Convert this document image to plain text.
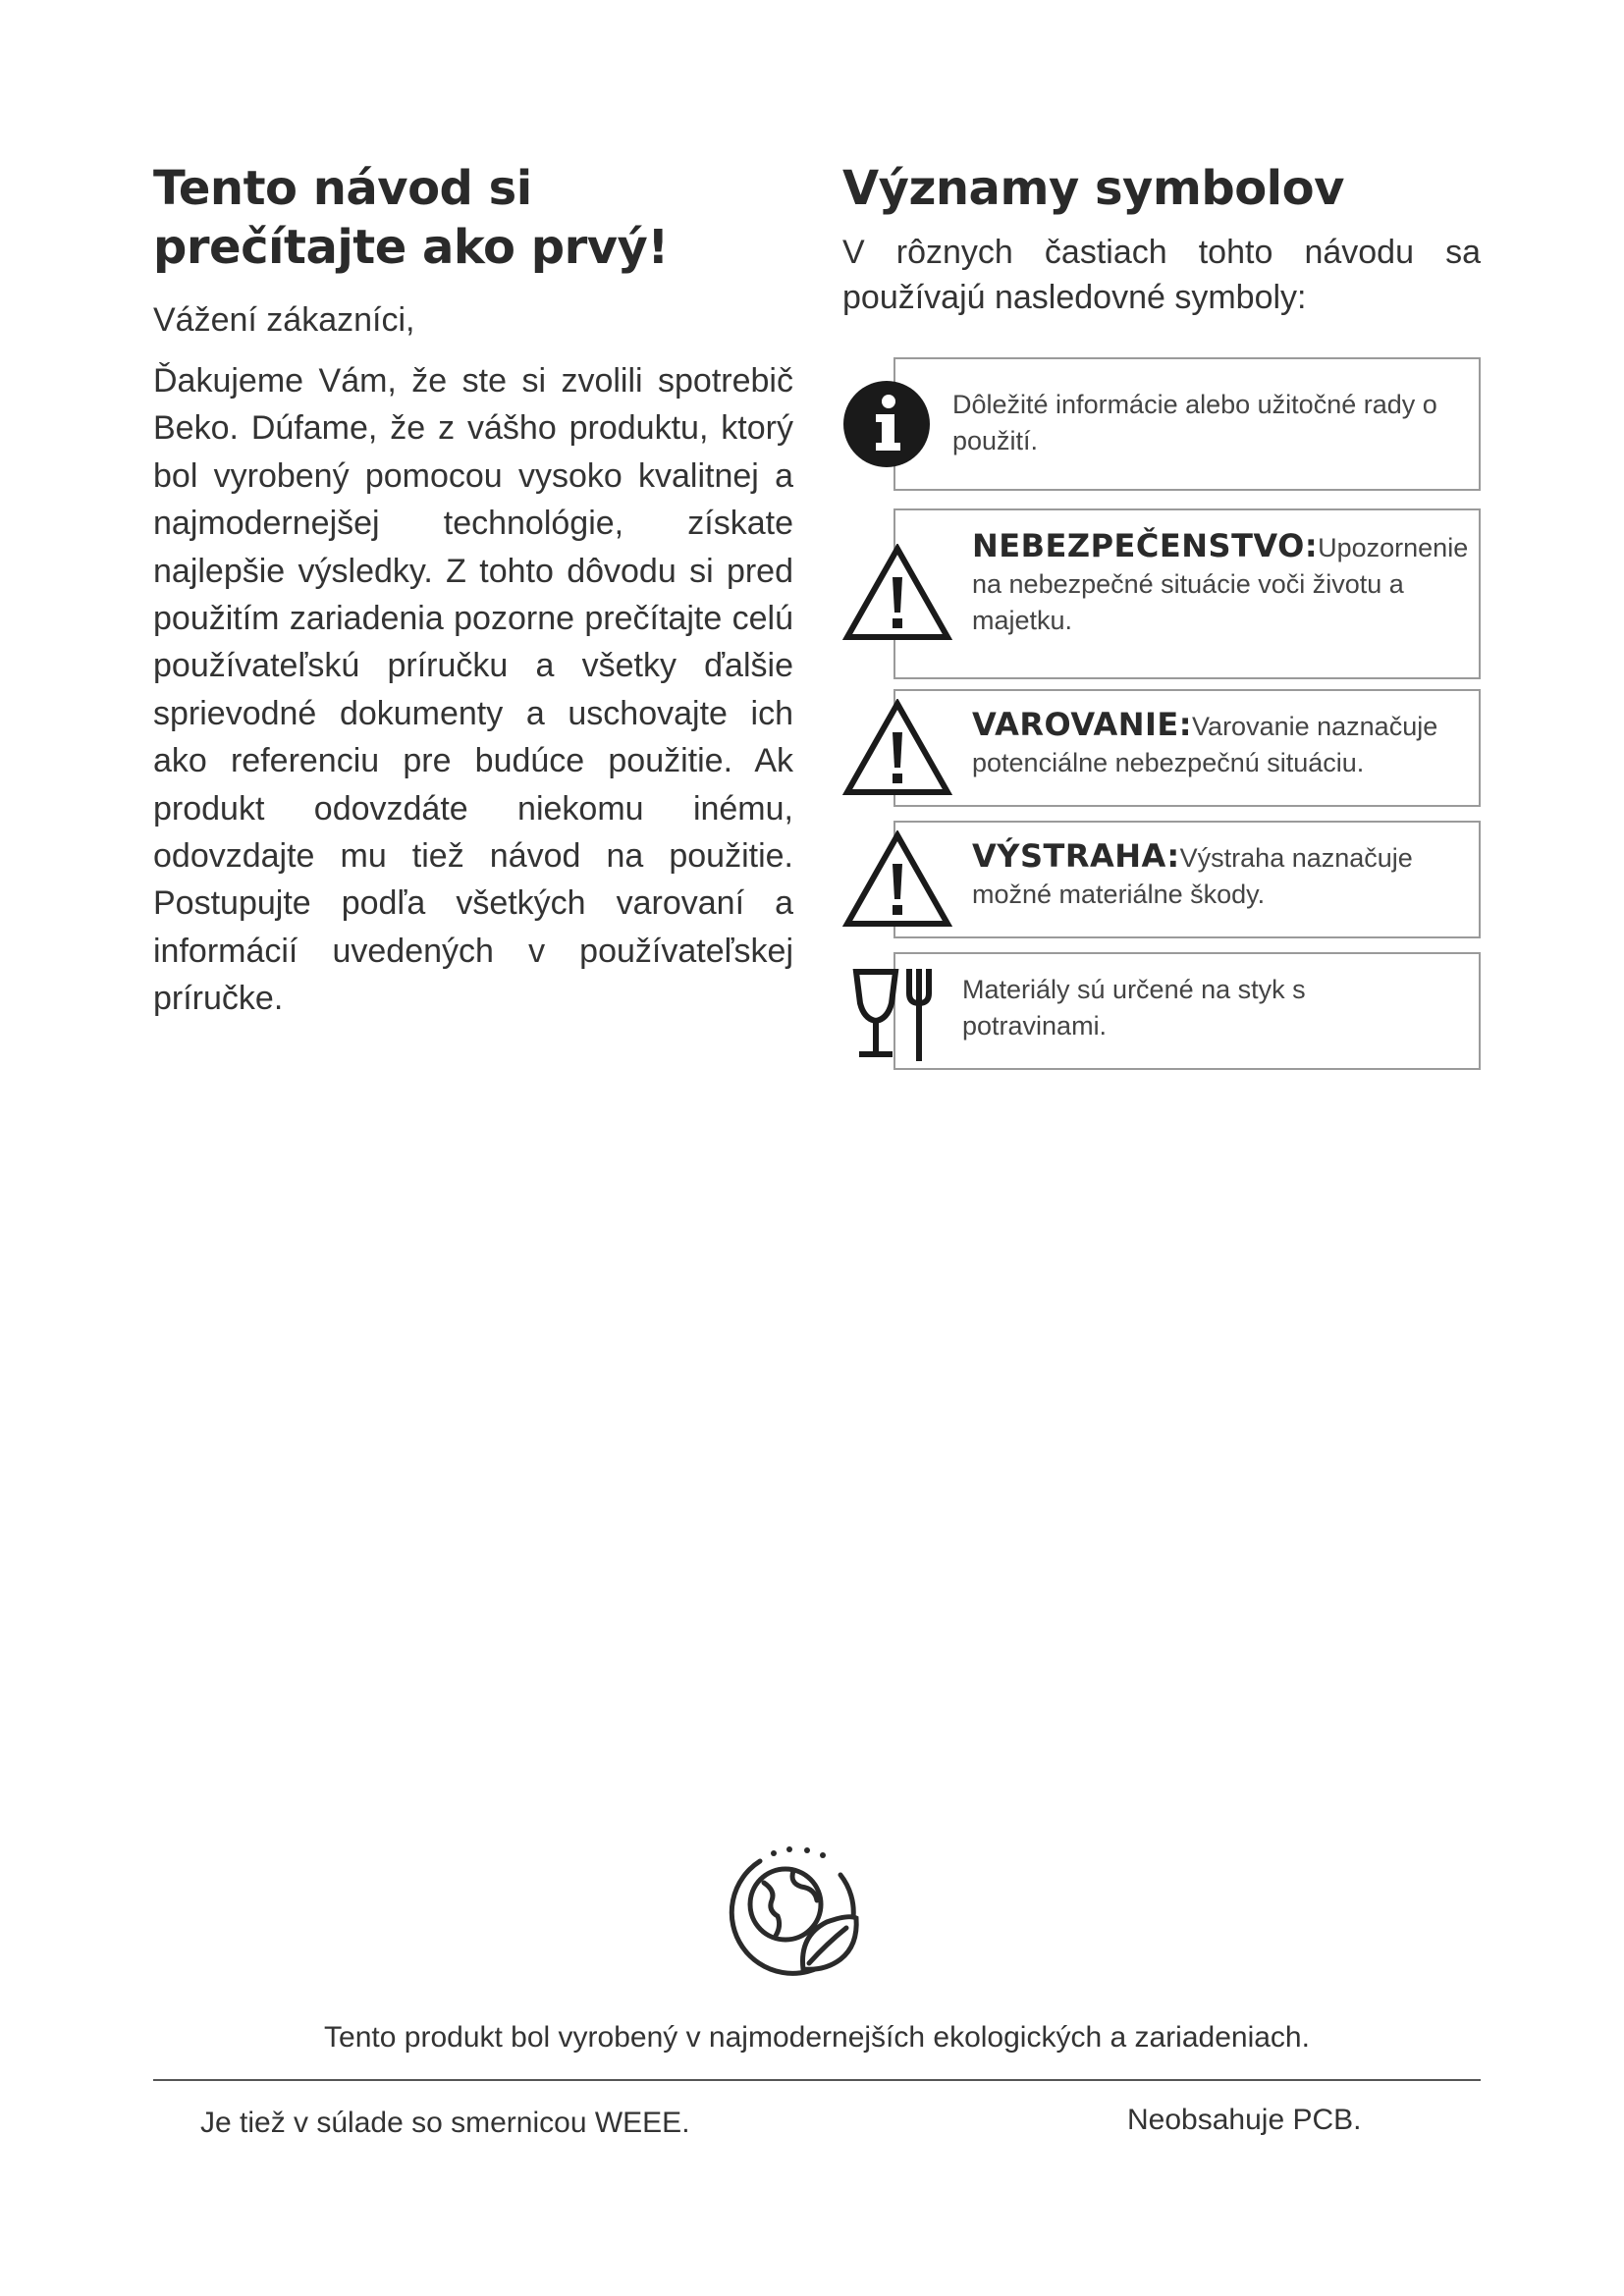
Tento návod si prečítajte ako prvý!

Vážení zákazníci,

Ďakujeme Vám, že ste si zvolili spotrebič Beko. Dúfame, že z vášho produktu, ktorý bol vyrobený pomocou vysoko kvalitnej a najmodernejšej technológie, získate najlepšie výsledky. Z tohto dôvodu si pred použitím zariadenia pozorne prečítajte celú používateľskú príručku a všetky ďalšie sprievodné dokumenty a uschovajte ich ako referenciu pre budúce použitie. Ak produkt odovzdáte niekomu inému, odovzdajte mu tiež návod na použitie. Postupujte podľa všetkých varovaní a informácií uvedených v používateľskej príručke.

Významy symbolov

V rôznych častiach tohto návodu sa používajú nasledovné symboly:

Dôležité informácie alebo užitočné rady o použití.
NEBEZPEČENSTVO:Upozornenie na nebezpečné situácie voči životu a majetku.
VAROVANIE:Varovanie naznačuje potenciálne nebezpečnú situáciu.
VÝSTRAHA:Výstraha naznačuje možné materiálne škody.
Materiály sú určené na styk s potravinami.
Tento produkt bol vyrobený v najmodernejších ekologických a zariadeniach.
Je tiež v súlade so smernicou WEEE.	Neobsahuje PCB.
